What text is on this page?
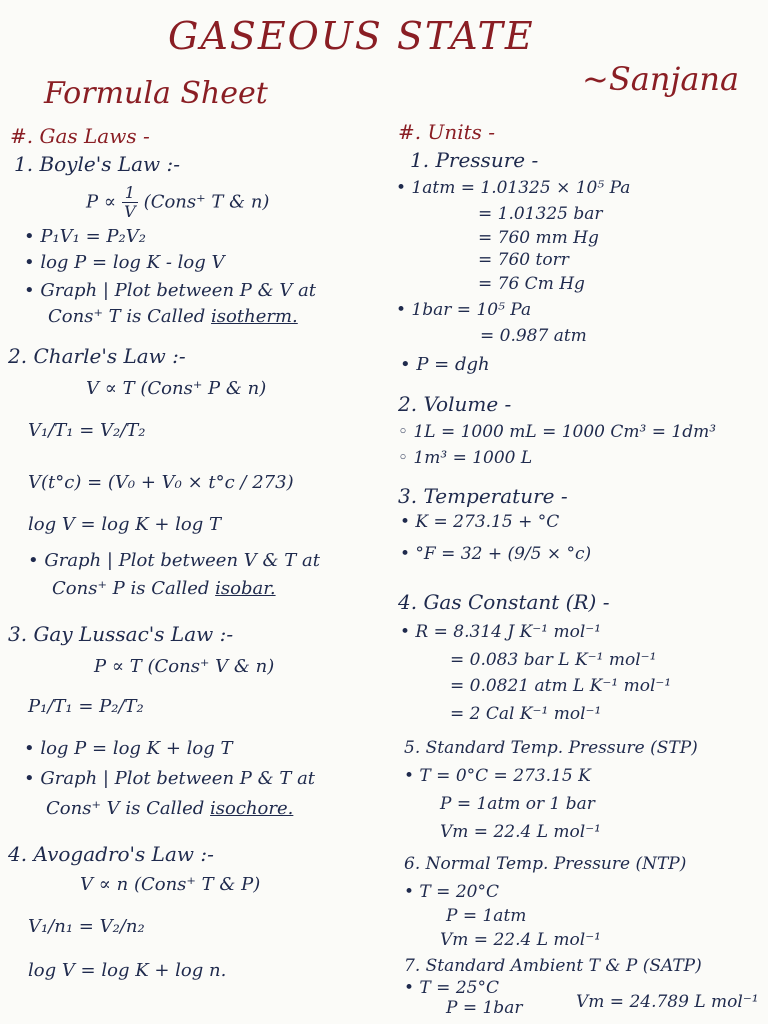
GASEOUS STATE
Formula Sheet	~Sanjana
#. Gas Laws -
1. Boyle's Law :-
$P \propto \frac{1}{V}$ (Cons⁺ T & n)
• P₁V₁ = P₂V₂
• log P = log K - log V
• Graph | Plot between P & V at
Cons⁺ T is Called isotherm.
2. Charle's Law :-
V ∝ T (Cons⁺ P & n)
V₁/T₁ = V₂/T₂
V(t°c) = (V₀ + V₀ × t°c / 273)
log V = log K + log T
• Graph | Plot between V & T at
Cons⁺ P is Called isobar.
3. Gay Lussac's Law :-
P ∝ T (Cons⁺ V & n)
P₁/T₁ = P₂/T₂
• log P = log K + log T
• Graph | Plot between P & T at
Cons⁺ V is Called isochore.
4. Avogadro's Law :-
V ∝ n (Cons⁺ T & P)
V₁/n₁ = V₂/n₂
log V = log K + log n.
#. Units -
1. Pressure -
• 1atm = 1.01325 × 10⁵ Pa
= 1.01325 bar
= 760 mm Hg
= 760 torr
= 76 Cm Hg
• 1bar = 10⁵ Pa
= 0.987 atm
• P = dgh
2. Volume -
◦ 1L = 1000 mL = 1000 Cm³ = 1dm³
◦ 1m³ = 1000 L
3. Temperature -
• K = 273.15 + °C
• °F = 32 + (9/5 × °c)
4. Gas Constant (R) -
• R = 8.314 J K⁻¹ mol⁻¹
= 0.083 bar L K⁻¹ mol⁻¹
= 0.0821 atm L K⁻¹ mol⁻¹
= 2 Cal K⁻¹ mol⁻¹
5. Standard Temp. Pressure (STP)
• T = 0°C = 273.15 K
P = 1atm or 1 bar
Vm = 22.4 L mol⁻¹
6. Normal Temp. Pressure (NTP)
• T = 20°C
P = 1atm
Vm = 22.4 L mol⁻¹
7. Standard Ambient T & P (SATP)
• T = 25°C
P = 1bar	Vm = 24.789 L mol⁻¹
